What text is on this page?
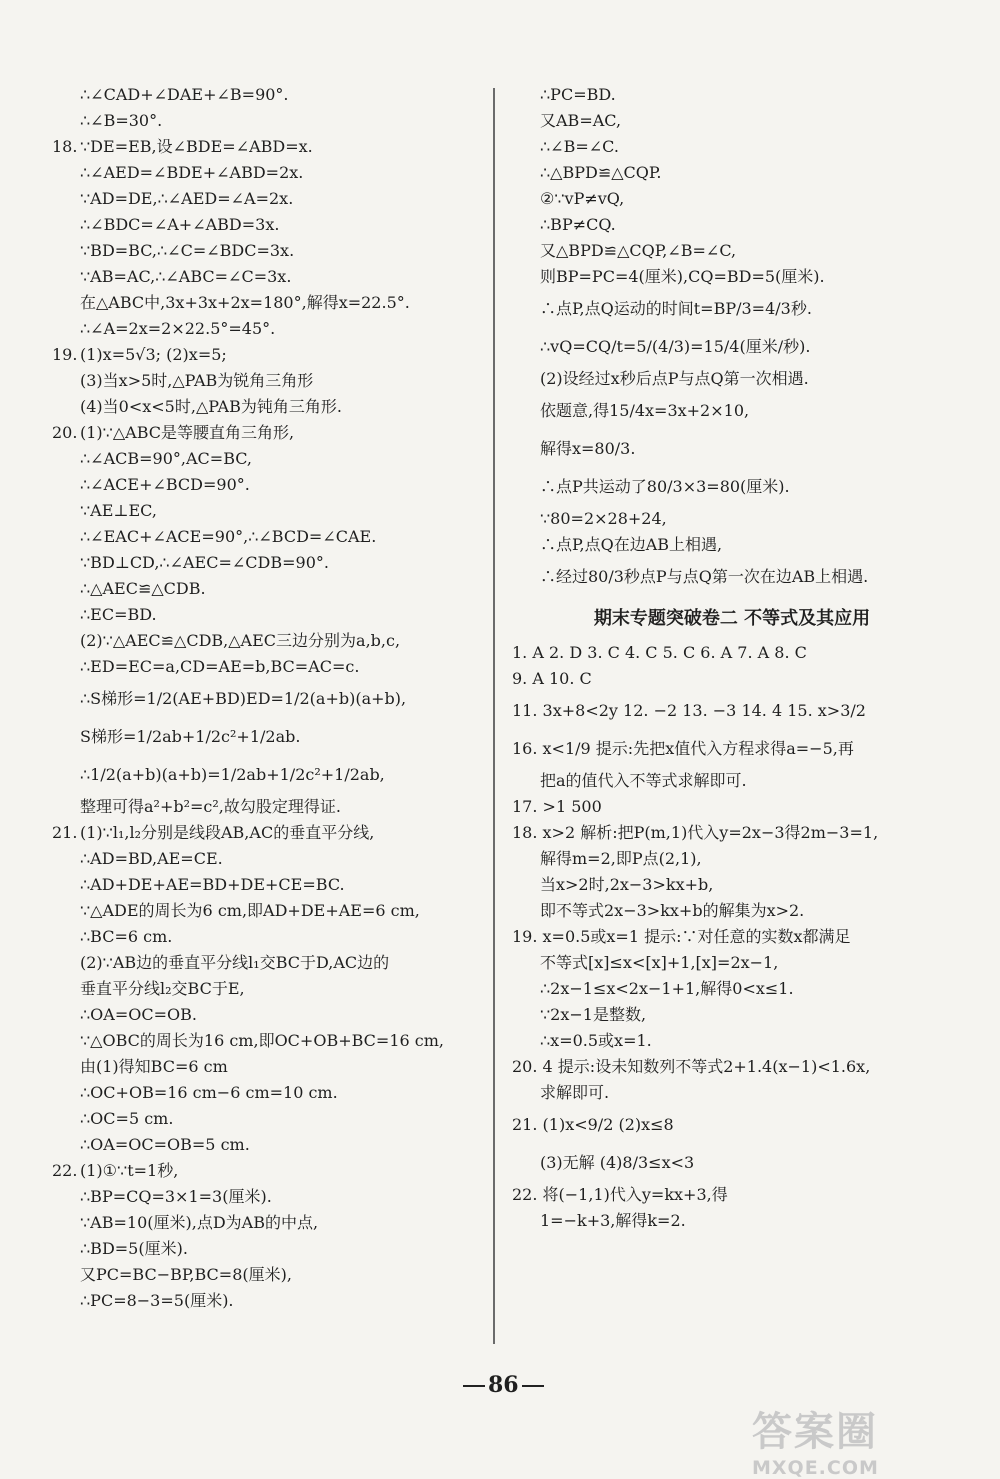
∴∠CAD+∠DAE+∠B=90°.
∴∠B=30°.
18. ∵DE=EB,设∠BDE=∠ABD=x.
∴∠AED=∠BDE+∠ABD=2x.
∵AD=DE,∴∠AED=∠A=2x.
∴∠BDC=∠A+∠ABD=3x.
∵BD=BC,∴∠C=∠BDC=3x.
∵AB=AC,∴∠ABC=∠C=3x.
在△ABC中,3x+3x+2x=180°,解得x=22.5°.
∴∠A=2x=2×22.5°=45°.
19. (1)x=5√3; (2)x=5;
(3)当x>5时,△PAB为锐角三角形
(4)当0<x<5时,△PAB为钝角三角形.
20. (1)∵△ABC是等腰直角三角形,
∴∠ACB=90°,AC=BC,
∴∠ACE+∠BCD=90°.
∵AE⊥EC,
∴∠EAC+∠ACE=90°,∴∠BCD=∠CAE.
∵BD⊥CD,∴∠AEC=∠CDB=90°.
∴△AEC≌△CDB.
∴EC=BD.
(2)∵△AEC≌△CDB,△AEC三边分别为a,b,c,
∴ED=EC=a,CD=AE=b,BC=AC=c.
∴S梯形=1/2(AE+BD)ED=1/2(a+b)(a+b),
S梯形=1/2ab+1/2c²+1/2ab.
∴1/2(a+b)(a+b)=1/2ab+1/2c²+1/2ab,
整理可得a²+b²=c²,故勾股定理得证.
21. (1)∵l₁,l₂分别是线段AB,AC的垂直平分线,
∴AD=BD,AE=CE.
∴AD+DE+AE=BD+DE+CE=BC.
∵△ADE的周长为6 cm,即AD+DE+AE=6 cm,
∴BC=6 cm.
(2)∵AB边的垂直平分线l₁交BC于D,AC边的
垂直平分线l₂交BC于E,
∴OA=OC=OB.
∵△OBC的周长为16 cm,即OC+OB+BC=16 cm,
由(1)得知BC=6 cm
∴OC+OB=16 cm−6 cm=10 cm.
∴OC=5 cm.
∴OA=OC=OB=5 cm.
22. (1)①∵t=1秒,
∴BP=CQ=3×1=3(厘米).
∵AB=10(厘米),点D为AB的中点,
∴BD=5(厘米).
又PC=BC−BP,BC=8(厘米),
∴PC=8−3=5(厘米).
∴PC=BD.
又AB=AC,
∴∠B=∠C.
∴△BPD≌△CQP.
②∵vP≠vQ,
∴BP≠CQ.
又△BPD≌△CQP,∠B=∠C,
则BP=PC=4(厘米),CQ=BD=5(厘米).
∴点P,点Q运动的时间t=BP/3=4/3秒.
∴vQ=CQ/t=5/(4/3)=15/4(厘米/秒).
(2)设经过x秒后点P与点Q第一次相遇.
依题意,得15/4x=3x+2×10,
解得x=80/3.
∴点P共运动了80/3×3=80(厘米).
∵80=2×28+24,
∴点P,点Q在边AB上相遇,
∴经过80/3秒点P与点Q第一次在边AB上相遇.
期末专题突破卷二 不等式及其应用
1. A 2. D 3. C 4. C 5. C 6. A 7. A 8. C
9. A 10. C
11. 3x+8<2y 12. −2 13. −3 14. 4 15. x>3/2
16. x<1/9 提示:先把x值代入方程求得a=−5,再
把a的值代入不等式求解即可.
17. >1 500
18. x>2 解析:把P(m,1)代入y=2x−3得2m−3=1,
解得m=2,即P点(2,1),
当x>2时,2x−3>kx+b,
即不等式2x−3>kx+b的解集为x>2.
19. x=0.5或x=1 提示:∵对任意的实数x都满足
不等式[x]≤x<[x]+1,[x]=2x−1,
∴2x−1≤x<2x−1+1,解得0<x≤1.
∵2x−1是整数,
∴x=0.5或x=1.
20. 4 提示:设未知数列不等式2+1.4(x−1)<1.6x,
求解即可.
21. (1)x<9/2 (2)x≤8
(3)无解 (4)8/3≤x<3
22. 将(−1,1)代入y=kx+3,得
1=−k+3,解得k=2.
86
答案圈
MXQE.COM
